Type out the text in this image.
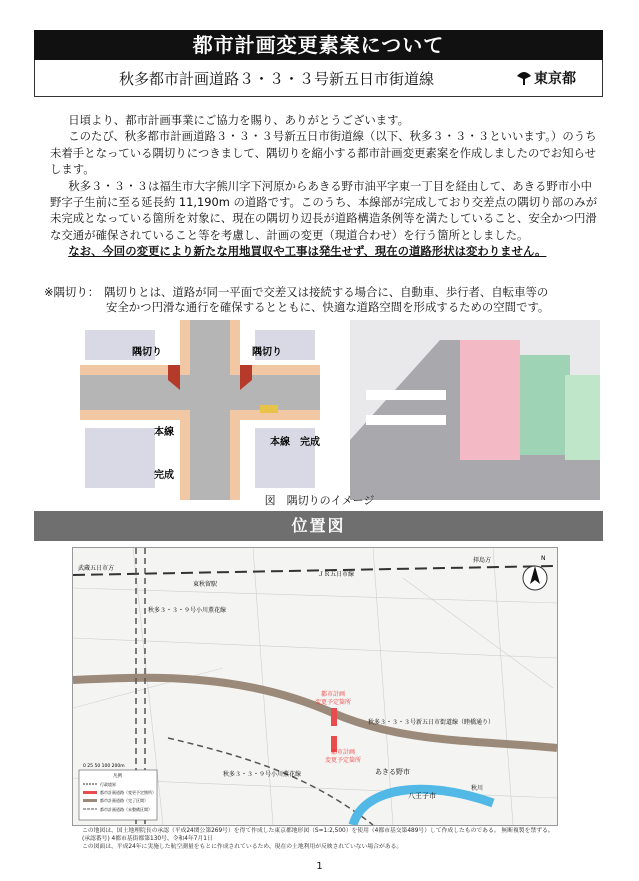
都市計画変更素案について
秋多都市計画道路３・３・３号新五日市街道線	東京都

日頃より、都市計画事業にご協力を賜り、ありがとうございます。

このたび、秋多都市計画道路３・３・３号新五日市街道線（以下、秋多３・３・３といいます。）のうち未着手となっている隅切りにつきまして、隅切りを縮小する都市計画変更素案を作成しましたのでお知らせします。

秋多３・３・３は福生市大字熊川字下河原からあきる野市油平字東一丁目を経由して、あきる野市小中野字子生前に至る延長約 11,190m の道路です。このうち、本線部が完成しており交差点の隅切り部のみが未完成となっている箇所を対象に、現在の隅切り辺長が道路構造条例等を満たしていること、安全かつ円滑な交通が確保されていること等を考慮し、計画の変更（現道合わせ）を行う箇所としました。

なお、今回の変更により新たな用地買収や工事は発生せず、現在の道路形状は変わりません。

※隅切り： 隅切りとは、道路が同一平面で交差又は接続する場合に、自動車、歩行者、自転車等の
安全かつ円滑な通行を確保するとともに、快適な道路空間を形成するための空間です。
隅切り	隅切り
本線
完成
本線 完成
図　隅切りのイメージ
位置図
武蔵五日市方
ＪＲ五日市線
拝島方
東秋留駅
秋多３・３・９号小川薫花線
秋多３・３・３号新五日市街道線（睦橋通り）
秋多３・３・９号小川薫花線
都市計画
変更予定箇所
都市計画
変更予定箇所
あきる野市
八王子市
秋川
N
0 25 50 100 200m
凡例
行政境界
都市計画道路（変更予定箇所）
都市計画道路（完了区間）
都市計画道路（未整備区間）
この地図は、国土地理院長の承認（平成24関公第269号）を得て作成した東京都地形図（S=1:2,500）を使用（4都市基交第489号）して作成したものである。 無断複製を禁ずる。
(承認番号) 4都市基街都第130号、令和4年7月1日
この図面は、平成24年に実施した航空測量をもとに作成されているため、現在の土地利用が反映されていない場合がある。
1
